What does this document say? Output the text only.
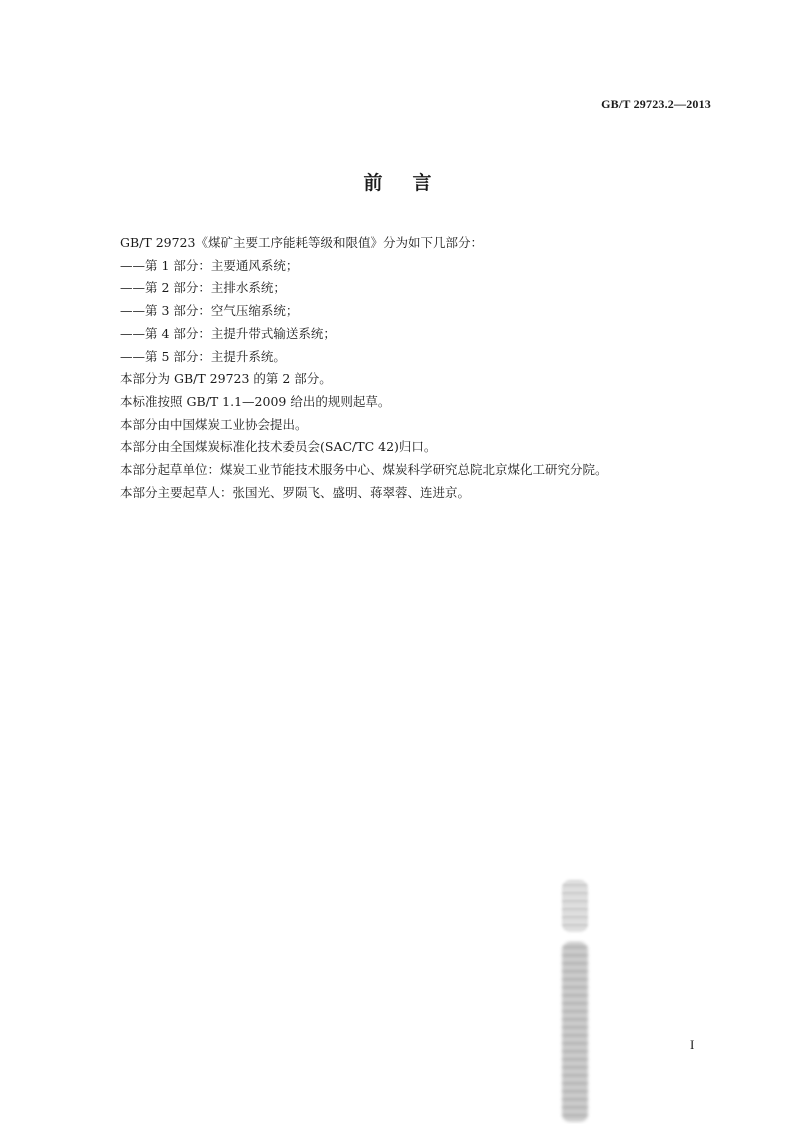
GB/T 29723.2—2013
前言
GB/T 29723《煤矿主要工序能耗等级和限值》分为如下几部分：
——第 1 部分：主要通风系统；
——第 2 部分：主排水系统；
——第 3 部分：空气压缩系统；
——第 4 部分：主提升带式输送系统；
——第 5 部分：主提升系统。
本部分为 GB/T 29723 的第 2 部分。
本标准按照 GB/T 1.1—2009 给出的规则起草。
本部分由中国煤炭工业协会提出。
本部分由全国煤炭标准化技术委员会(SAC/TC 42)归口。
本部分起草单位：煤炭工业节能技术服务中心、煤炭科学研究总院北京煤化工研究分院。
本部分主要起草人：张国光、罗陨飞、盛明、蒋翠蓉、连进京。
I
